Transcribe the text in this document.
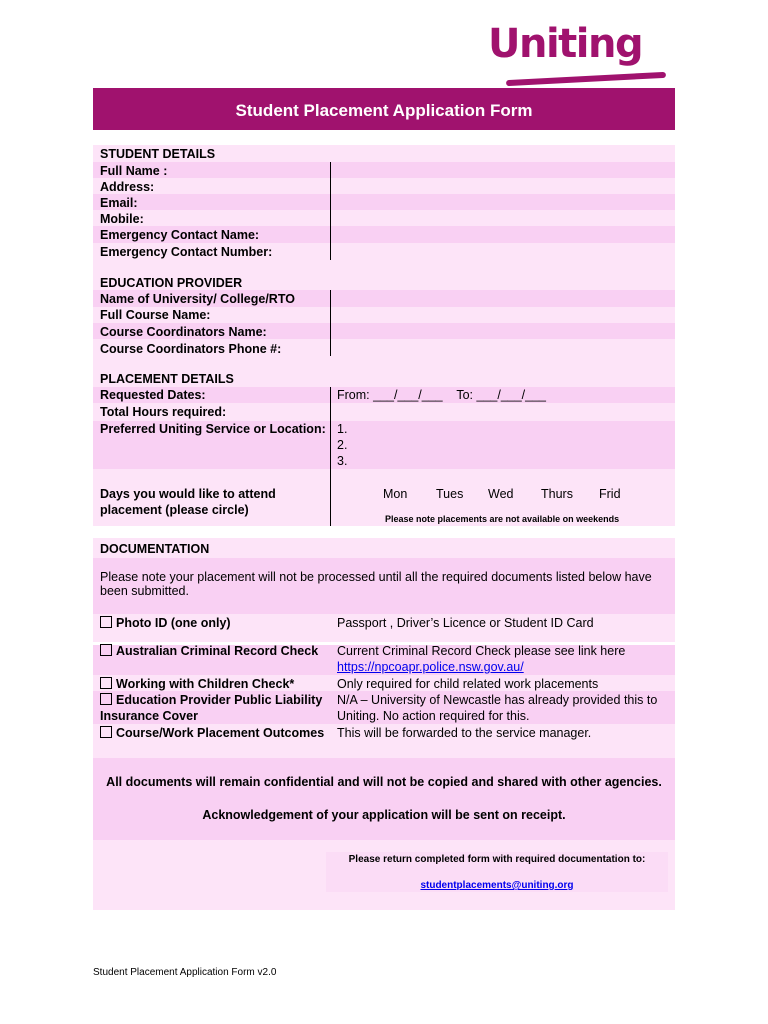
Uniting
Student Placement Application Form
STUDENT DETAILS
Full Name :
Address:
Email:
Mobile:
Emergency Contact Name:
Emergency Contact Number:
EDUCATION PROVIDER
Name of University/ College/RTO
Full Course Name:
Course Coordinators Name:
Course Coordinators Phone #:
PLACEMENT DETAILS
Requested Dates:	From: ___/___/___ To: ___/___/___
Total Hours required:
Preferred Uniting Service or Location: 1.
2.
3.
Days you would like to attend
placement (please circle)
Mon Tues Wed Thurs Frid
Please note placements are not available on weekends
DOCUMENTATION
Please note your placement will not be processed until all the required documents listed below have been submitted.
Photo ID (one only)	Passport , Driver’s Licence or Student ID Card
Australian Criminal Record Check	Current Criminal Record Check please see link here
https://npcoapr.police.nsw.gov.au/
Working with Children Check*	Only required for child related work placements
Education Provider Public Liability Insurance Cover
N/A – University of Newcastle has already provided this to Uniting. No action required for this.
Course/Work Placement Outcomes This will be forwarded to the service manager.
All documents will remain confidential and will not be copied and shared with other agencies.
Acknowledgement of your application will be sent on receipt.
Please return completed form with required documentation to:
studentplacements@uniting.org
Student Placement Application Form v2.0
